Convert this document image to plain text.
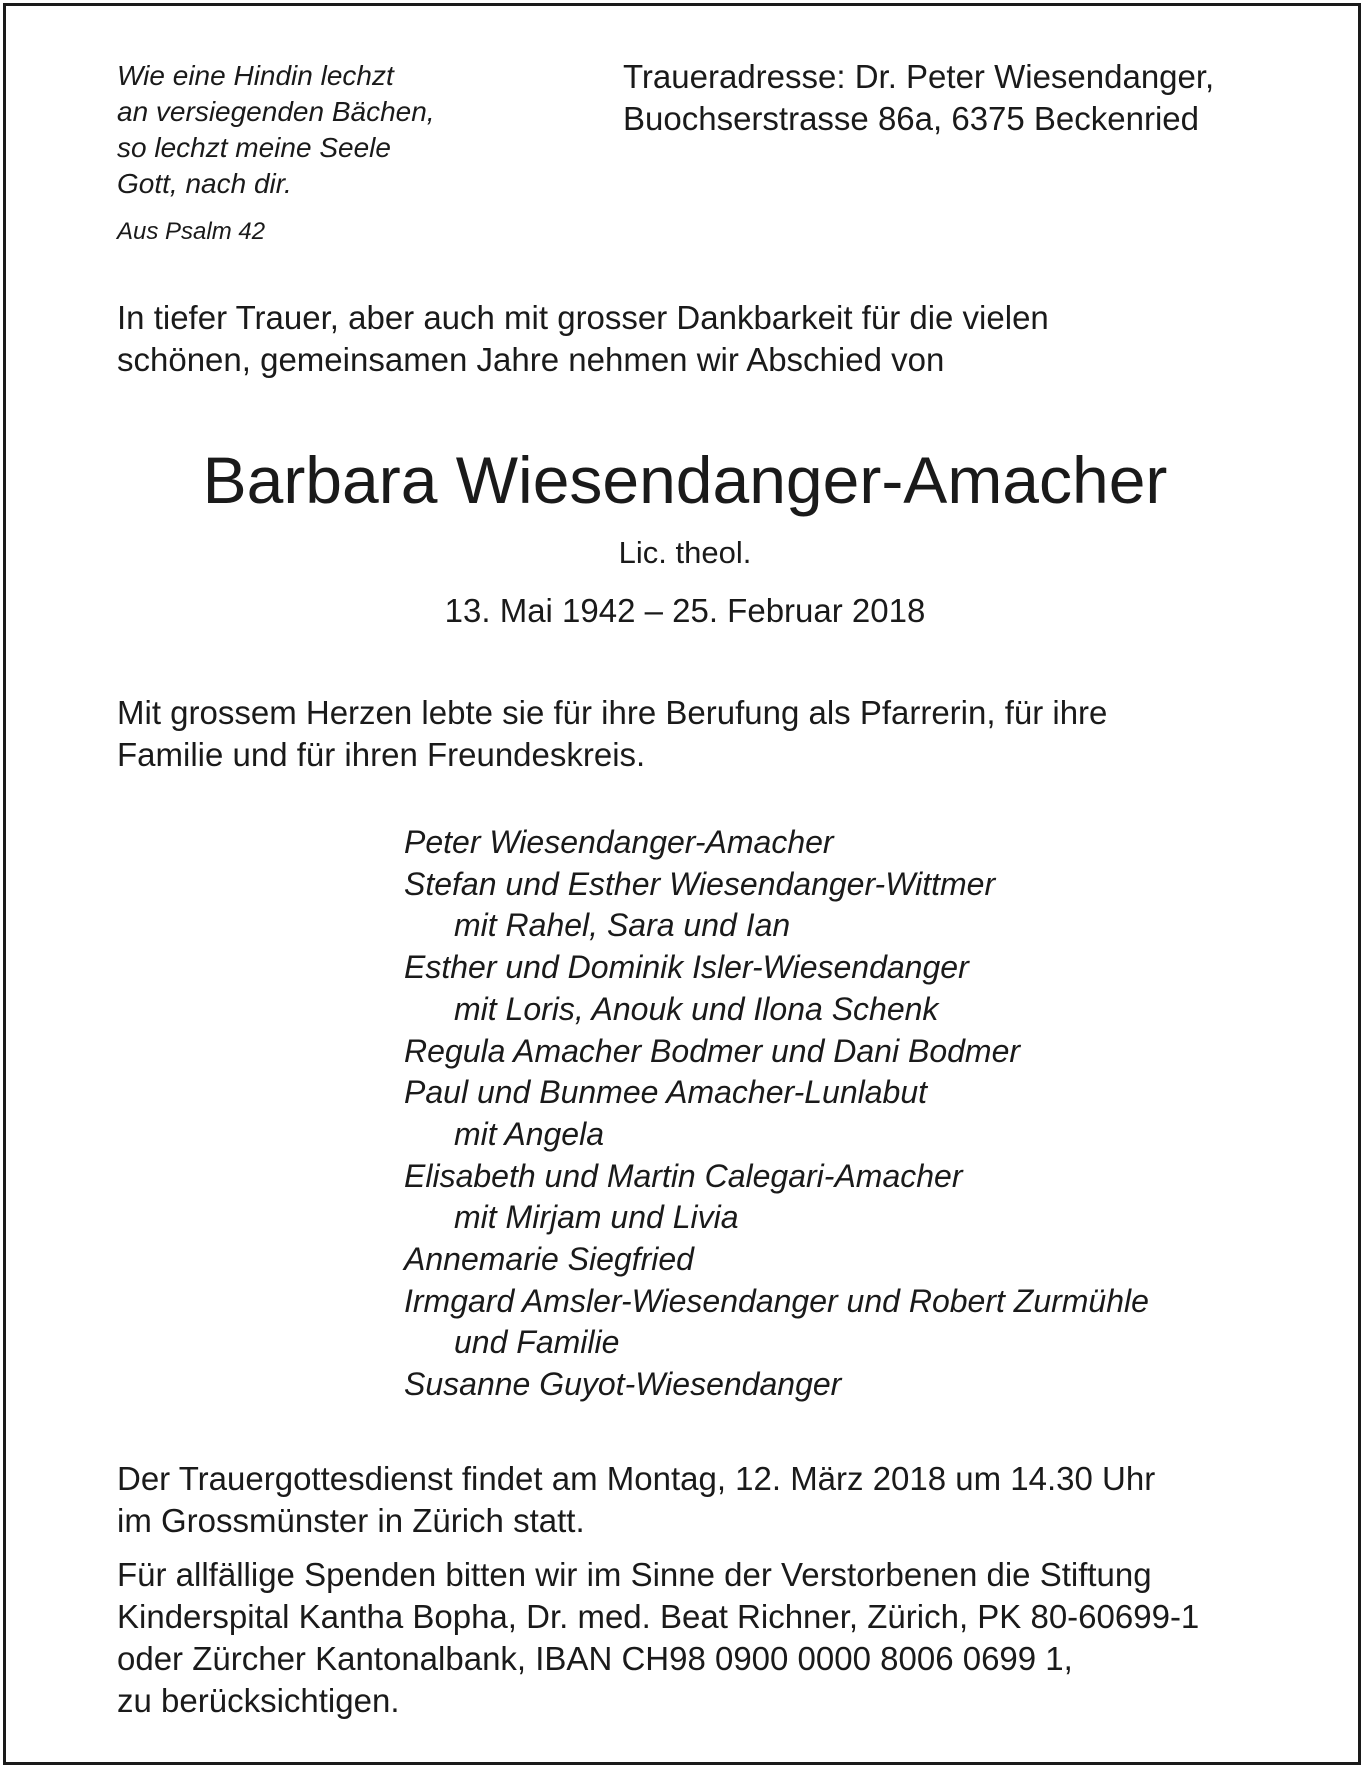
Wie eine Hindin lechzt
an versiegenden Bächen,
so lechzt meine Seele
Gott, nach dir.
Aus Psalm 42
Traueradresse: Dr. Peter Wiesendanger,
Buochserstrasse 86a, 6375 Beckenried
In tiefer Trauer, aber auch mit grosser Dankbarkeit für die vielen
schönen, gemeinsamen Jahre nehmen wir Abschied von
Barbara Wiesendanger-Amacher
Lic. theol.
13. Mai 1942 – 25. Februar 2018
Mit grossem Herzen lebte sie für ihre Berufung als Pfarrerin, für ihre
Familie und für ihren Freundeskreis.
Peter Wiesendanger-Amacher
Stefan und Esther Wiesendanger-Wittmer
mit Rahel, Sara und Ian
Esther und Dominik Isler-Wiesendanger
mit Loris, Anouk und Ilona Schenk
Regula Amacher Bodmer und Dani Bodmer
Paul und Bunmee Amacher-Lunlabut
mit Angela
Elisabeth und Martin Calegari-Amacher
mit Mirjam und Livia
Annemarie Siegfried
Irmgard Amsler-Wiesendanger und Robert Zurmühle
und Familie
Susanne Guyot-Wiesendanger
Der Trauergottesdienst findet am Montag, 12. März 2018 um 14.30 Uhr
im Grossmünster in Zürich statt.
Für allfällige Spenden bitten wir im Sinne der Verstorbenen die Stiftung
Kinderspital Kantha Bopha, Dr. med. Beat Richner, Zürich, PK 80-60699-1
oder Zürcher Kantonalbank, IBAN CH98 0900 0000 8006 0699 1,
zu berücksichtigen.
